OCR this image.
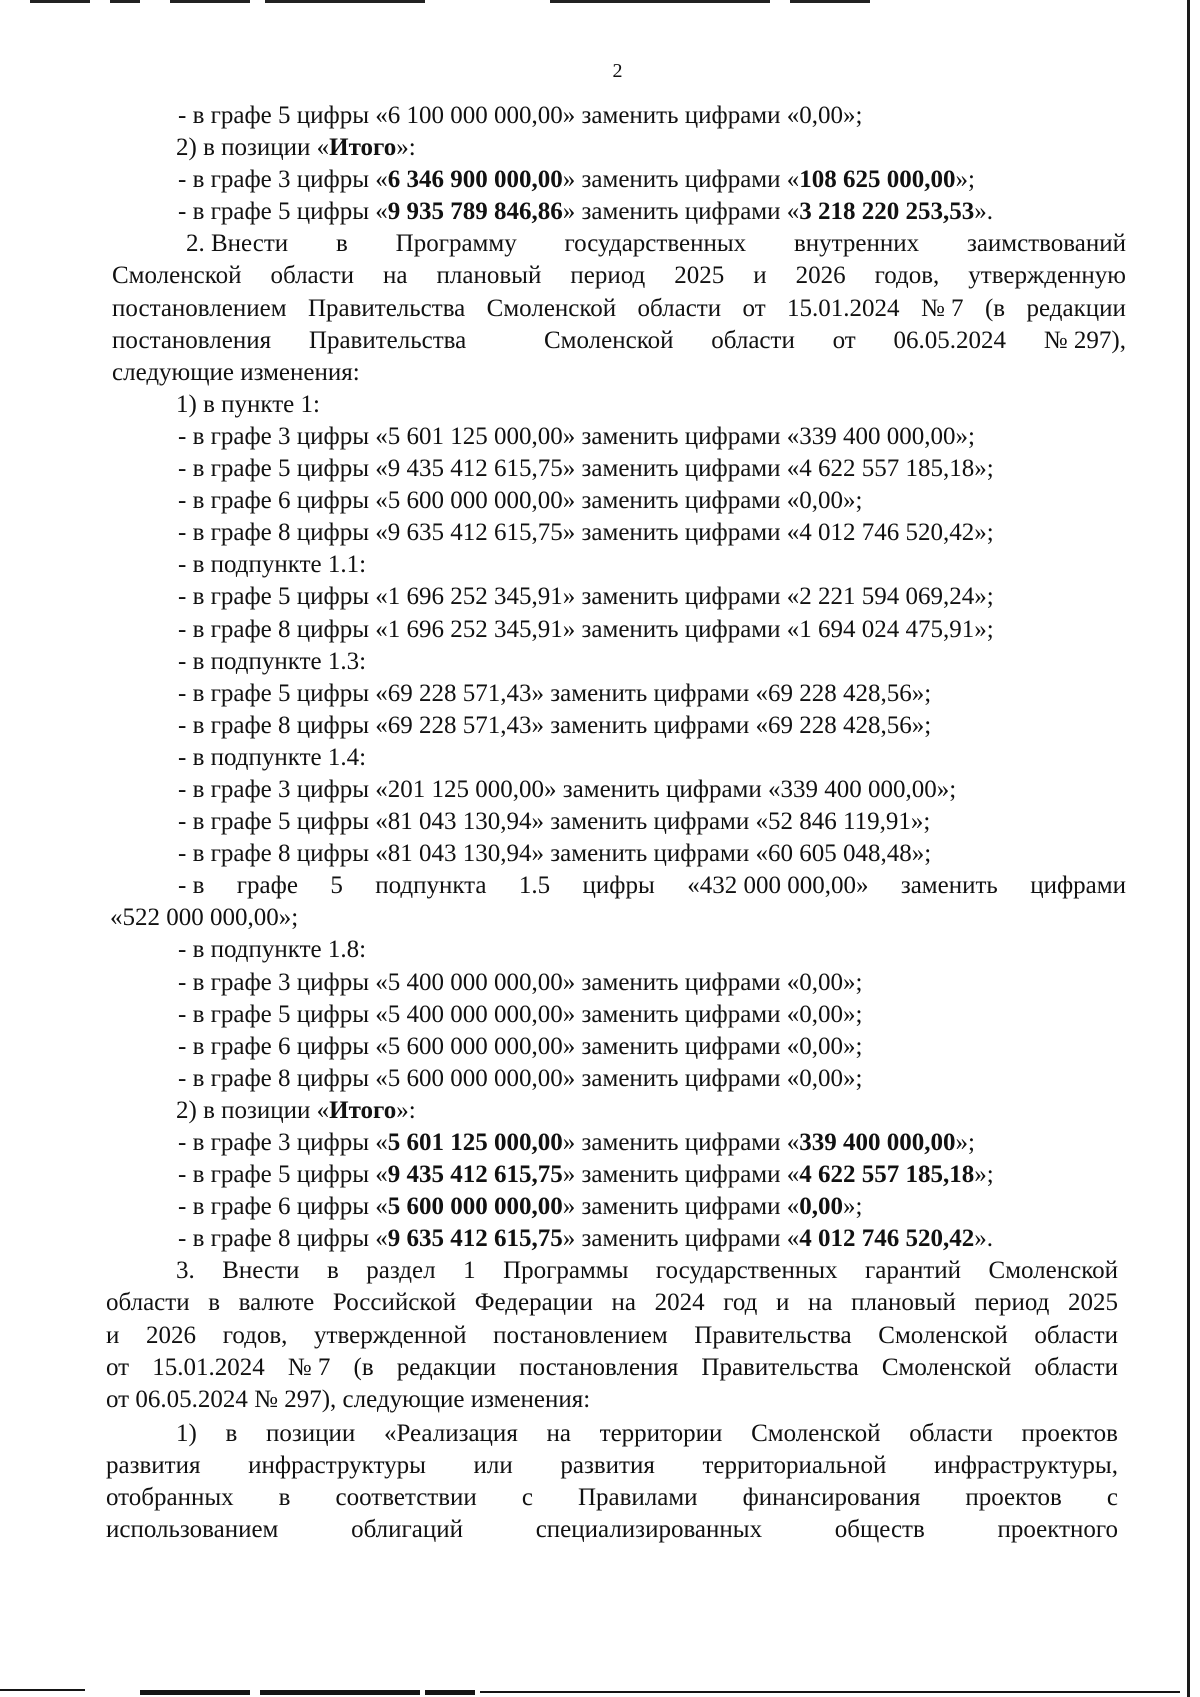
2
- в графе 5 цифры «6 100 000 000,00» заменить цифрами «0,00»;
2) в позиции «Итого»:
- в графе 3 цифры «6 346 900 000,00» заменить цифрами «108 625 000,00»;
- в графе 5 цифры «9 935 789 846,86» заменить цифрами «3 218 220 253,53».
2. Внести в Программу государственных внутренних заимствований
Смоленской области на плановый период 2025 и 2026 годов, утвержденную
постановлением Правительства Смоленской области от 15.01.2024 № 7 (в редакции
постановления Правительства	Смоленской области от 06.05.2024 № 297),
следующие изменения:
1) в пункте 1:
- в графе 3 цифры «5 601 125 000,00» заменить цифрами «339 400 000,00»;
- в графе 5 цифры «9 435 412 615,75» заменить цифрами «4 622 557 185,18»;
- в графе 6 цифры «5 600 000 000,00» заменить цифрами «0,00»;
- в графе 8 цифры «9 635 412 615,75» заменить цифрами «4 012 746 520,42»;
- в подпункте 1.1:
- в графе 5 цифры «1 696 252 345,91» заменить цифрами «2 221 594 069,24»;
- в графе 8 цифры «1 696 252 345,91» заменить цифрами «1 694 024 475,91»;
- в подпункте 1.3:
- в графе 5 цифры «69 228 571,43» заменить цифрами «69 228 428,56»;
- в графе 8 цифры «69 228 571,43» заменить цифрами «69 228 428,56»;
- в подпункте 1.4:
- в графе 3 цифры «201 125 000,00» заменить цифрами «339 400 000,00»;
- в графе 5 цифры «81 043 130,94» заменить цифрами «52 846 119,91»;
- в графе 8 цифры «81 043 130,94» заменить цифрами «60 605 048,48»;
- в графе 5 подпункта 1.5 цифры «432 000 000,00» заменить цифрами
«522 000 000,00»;
- в подпункте 1.8:
- в графе 3 цифры «5 400 000 000,00» заменить цифрами «0,00»;
- в графе 5 цифры «5 400 000 000,00» заменить цифрами «0,00»;
- в графе 6 цифры «5 600 000 000,00» заменить цифрами «0,00»;
- в графе 8 цифры «5 600 000 000,00» заменить цифрами «0,00»;
2) в позиции «Итого»:
- в графе 3 цифры «5 601 125 000,00» заменить цифрами «339 400 000,00»;
- в графе 5 цифры «9 435 412 615,75» заменить цифрами «4 622 557 185,18»;
- в графе 6 цифры «5 600 000 000,00» заменить цифрами «0,00»;
- в графе 8 цифры «9 635 412 615,75» заменить цифрами «4 012 746 520,42».
3. Внести в раздел 1 Программы государственных гарантий Смоленской
области в валюте Российской Федерации на 2024 год и на плановый период 2025
и 2026 годов, утвержденной постановлением Правительства Смоленской области
от 15.01.2024 № 7 (в редакции постановления Правительства Смоленской области
от 06.05.2024 № 297), следующие изменения:
1) в позиции «Реализация на территории Смоленской области проектов
развития инфраструктуры или развития территориальной инфраструктуры,
отобранных в соответствии с Правилами финансирования проектов с
использованием	облигаций	специализированных	обществ	проектного
